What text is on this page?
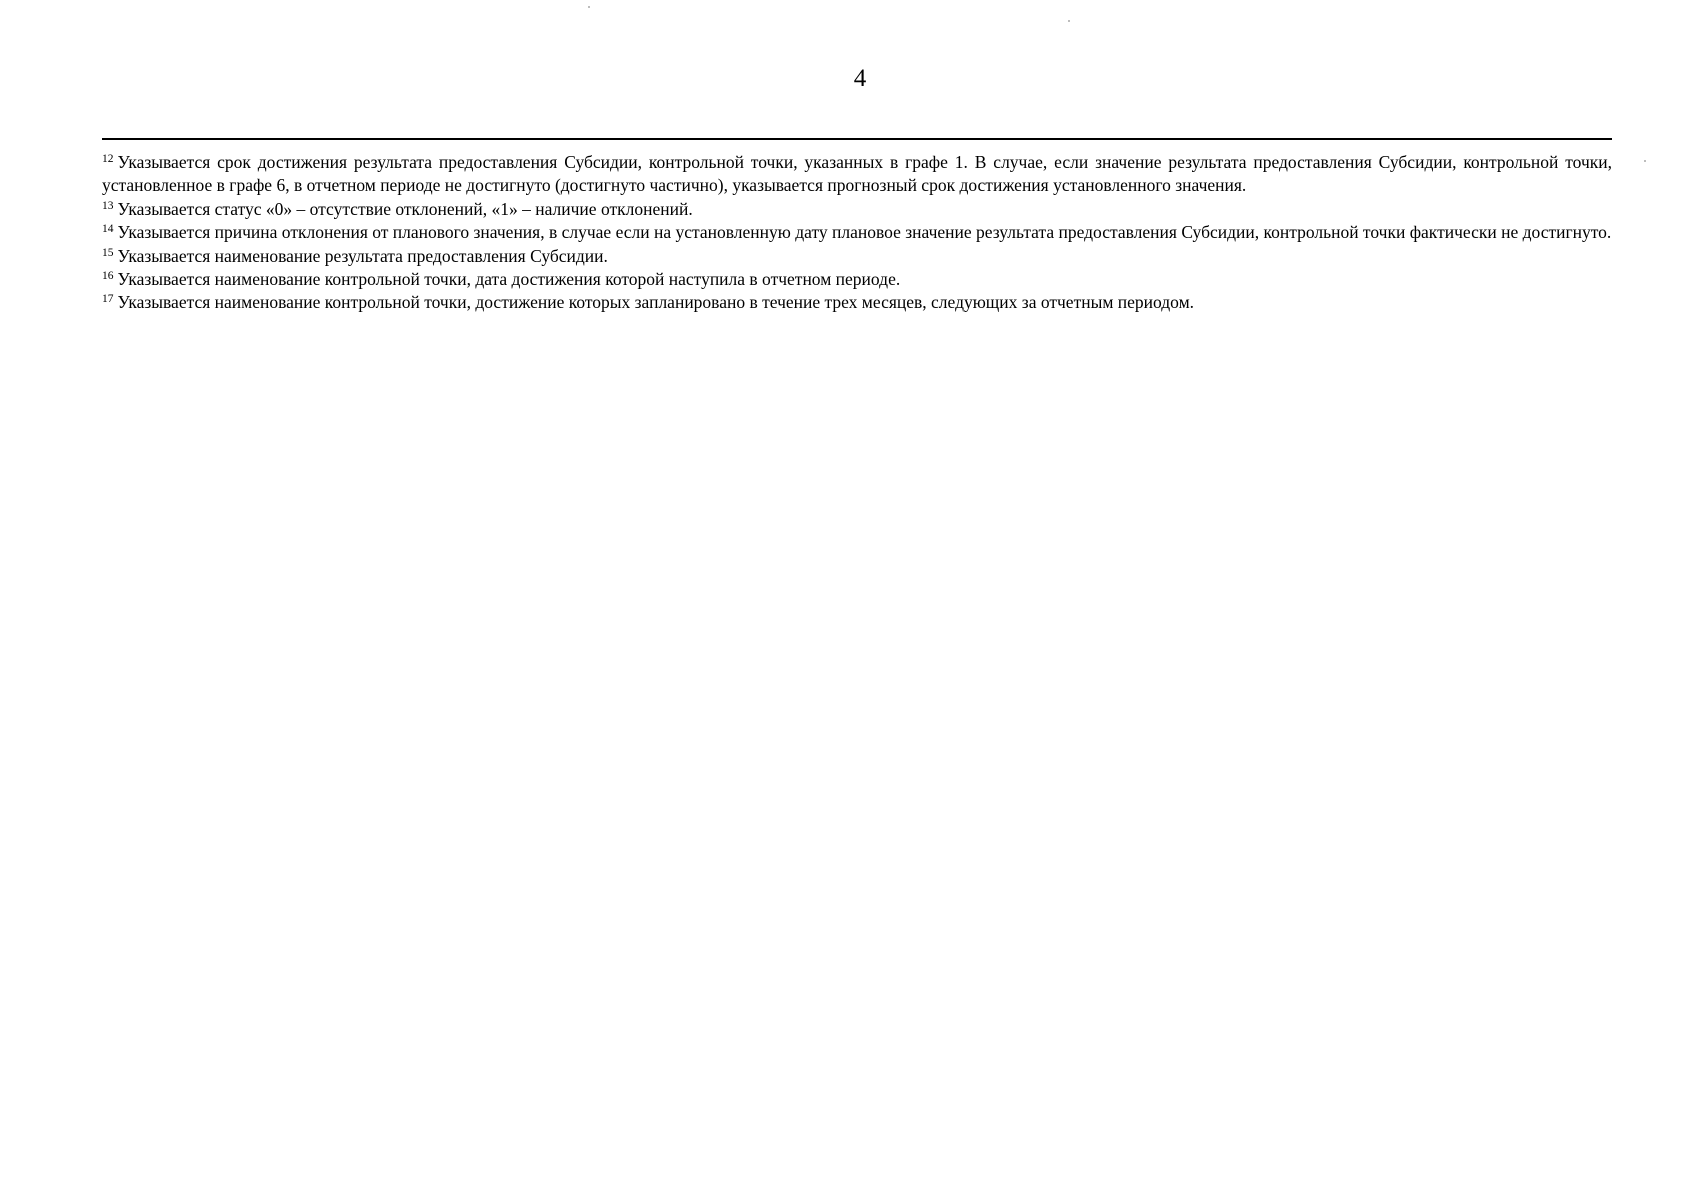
4

$^{12}$ Указывается срок достижения результата предоставления Субсидии, контрольной точки, указанных в графе 1. В случае, если значение результата предоставления Субсидии, контрольной точки, установленное в графе 6, в отчетном периоде не достигнуто (достигнуто частично), указывается прогнозный срок достижения установленного значения.

$^{13}$ Указывается статус «0» – отсутствие отклонений, «1» – наличие отклонений.

$^{14}$ Указывается причина отклонения от планового значения, в случае если на установленную дату плановое значение результата предоставления Субсидии, контрольной точки фактически не достигнуто.

$^{15}$ Указывается наименование результата предоставления Субсидии.

$^{16}$ Указывается наименование контрольной точки, дата достижения которой наступила в отчетном периоде.

$^{17}$ Указывается наименование контрольной точки, достижение которых запланировано в течение трех месяцев, следующих за отчетным периодом.
